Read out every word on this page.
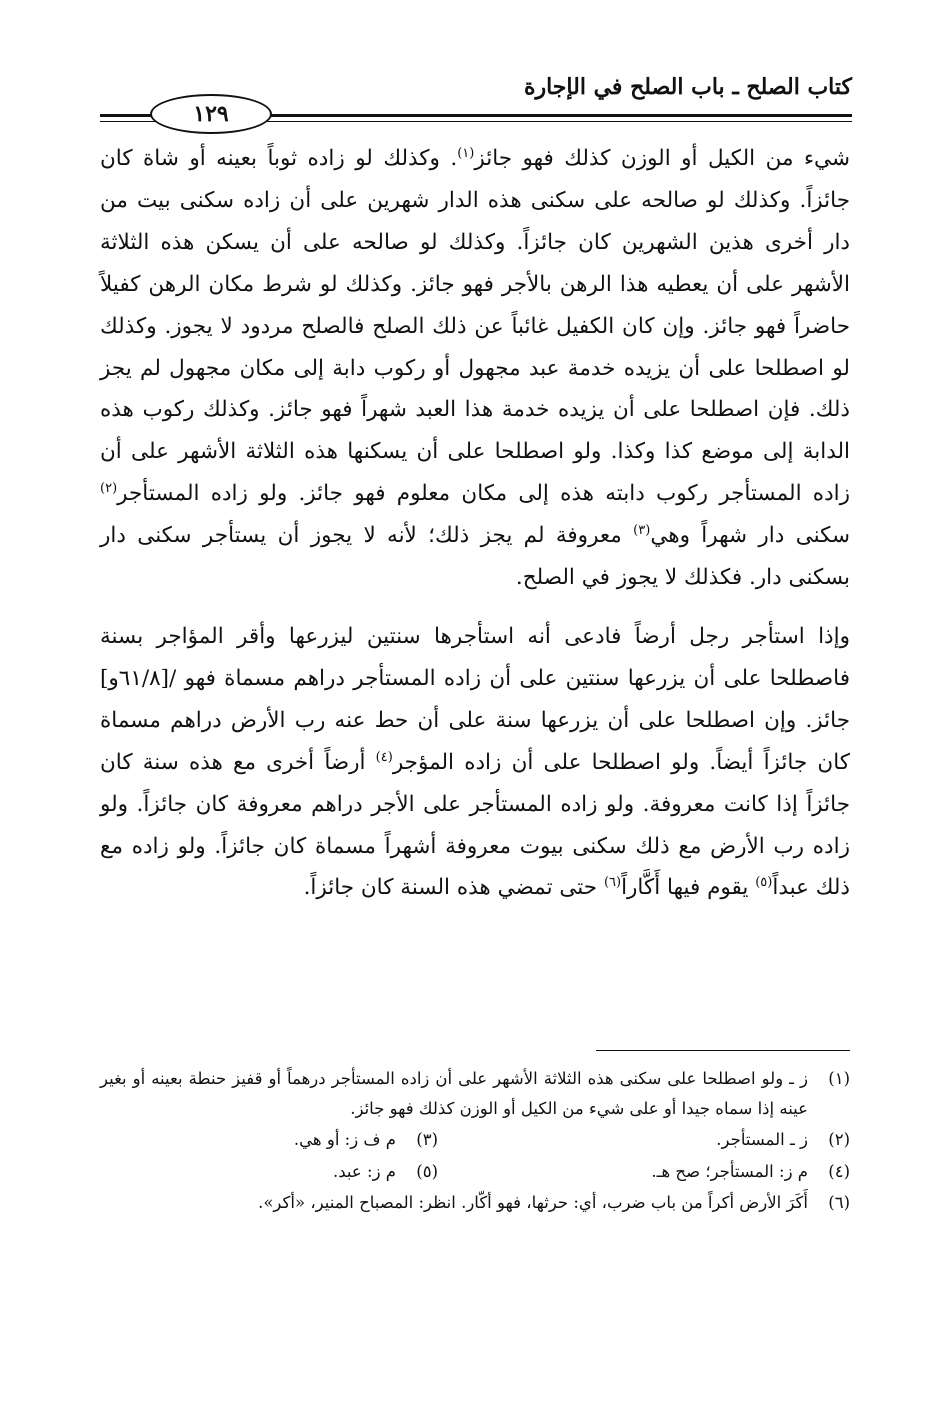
كتاب الصلح ـ باب الصلح في الإجارة
١٢٩

شيء من الكيل أو الوزن كذلك فهو جائز$^{(١)}$. وكذلك لو زاده ثوباً بعينه أو شاة كان جائزاً. وكذلك لو صالحه على سكنى هذه الدار شهرين على أن زاده سكنى بيت من دار أخرى هذين الشهرين كان جائزاً. وكذلك لو صالحه على أن يسكن هذه الثلاثة الأشهر على أن يعطيه هذا الرهن بالأجر فهو جائز. وكذلك لو شرط مكان الرهن كفيلاً حاضراً فهو جائز. وإن كان الكفيل غائباً عن ذلك الصلح فالصلح مردود لا يجوز. وكذلك لو اصطلحا على أن يزيده خدمة عبد مجهول أو ركوب دابة إلى مكان مجهول لم يجز ذلك. فإن اصطلحا على أن يزيده خدمة هذا العبد شهراً فهو جائز. وكذلك ركوب هذه الدابة إلى موضع كذا وكذا. ولو اصطلحا على أن يسكنها هذه الثلاثة الأشهر على أن زاده المستأجر ركوب دابته هذه إلى مكان معلوم فهو جائز. ولو زاده المستأجر$^{(٢)}$ سكنى دار شهراً وهي$^{(٣)}$ معروفة لم يجز ذلك؛ لأنه لا يجوز أن يستأجر سكنى دار بسكنى دار. فكذلك لا يجوز في الصلح.

وإذا استأجر رجل أرضاً فادعى أنه استأجرها سنتين ليزرعها وأقر المؤاجر بسنة فاصطلحا على أن يزرعها سنتين على أن زاده المستأجر دراهم مسماة فهو /[٦١/٨و] جائز. وإن اصطلحا على أن يزرعها سنة على أن حط عنه رب الأرض دراهم مسماة كان جائزاً أيضاً. ولو اصطلحا على أن زاده المؤجر$^{(٤)}$ أرضاً أخرى مع هذه سنة كان جائزاً إذا كانت معروفة. ولو زاده المستأجر على الأجر دراهم معروفة كان جائزاً. ولو زاده رب الأرض مع ذلك سكنى بيوت معروفة أشهراً مسماة كان جائزاً. ولو زاده مع ذلك عبداً$^{(٥)}$ يقوم فيها أَكَّاراً$^{(٦)}$ حتى تمضي هذه السنة كان جائزاً.

(١)
ز ـ ولو اصطلحا على سكنى هذه الثلاثة الأشهر على أن زاده المستأجر درهماً أو قفيز حنطة بعينه أو بغير عينه إذا سماه جيدا أو على شيء من الكيل أو الوزن كذلك فهو جائز.
(٢)
ز ـ المستأجر.
(٣)
م ف ز: أو هي.
(٤)
م ز: المستأجر؛ صح هـ.
(٥)
م ز: عبد.
(٦)
أَكَرَ الأرض أكراً من باب ضرب، أي: حرثها، فهو أكّار. انظر: المصباح المنير، «أكر».
